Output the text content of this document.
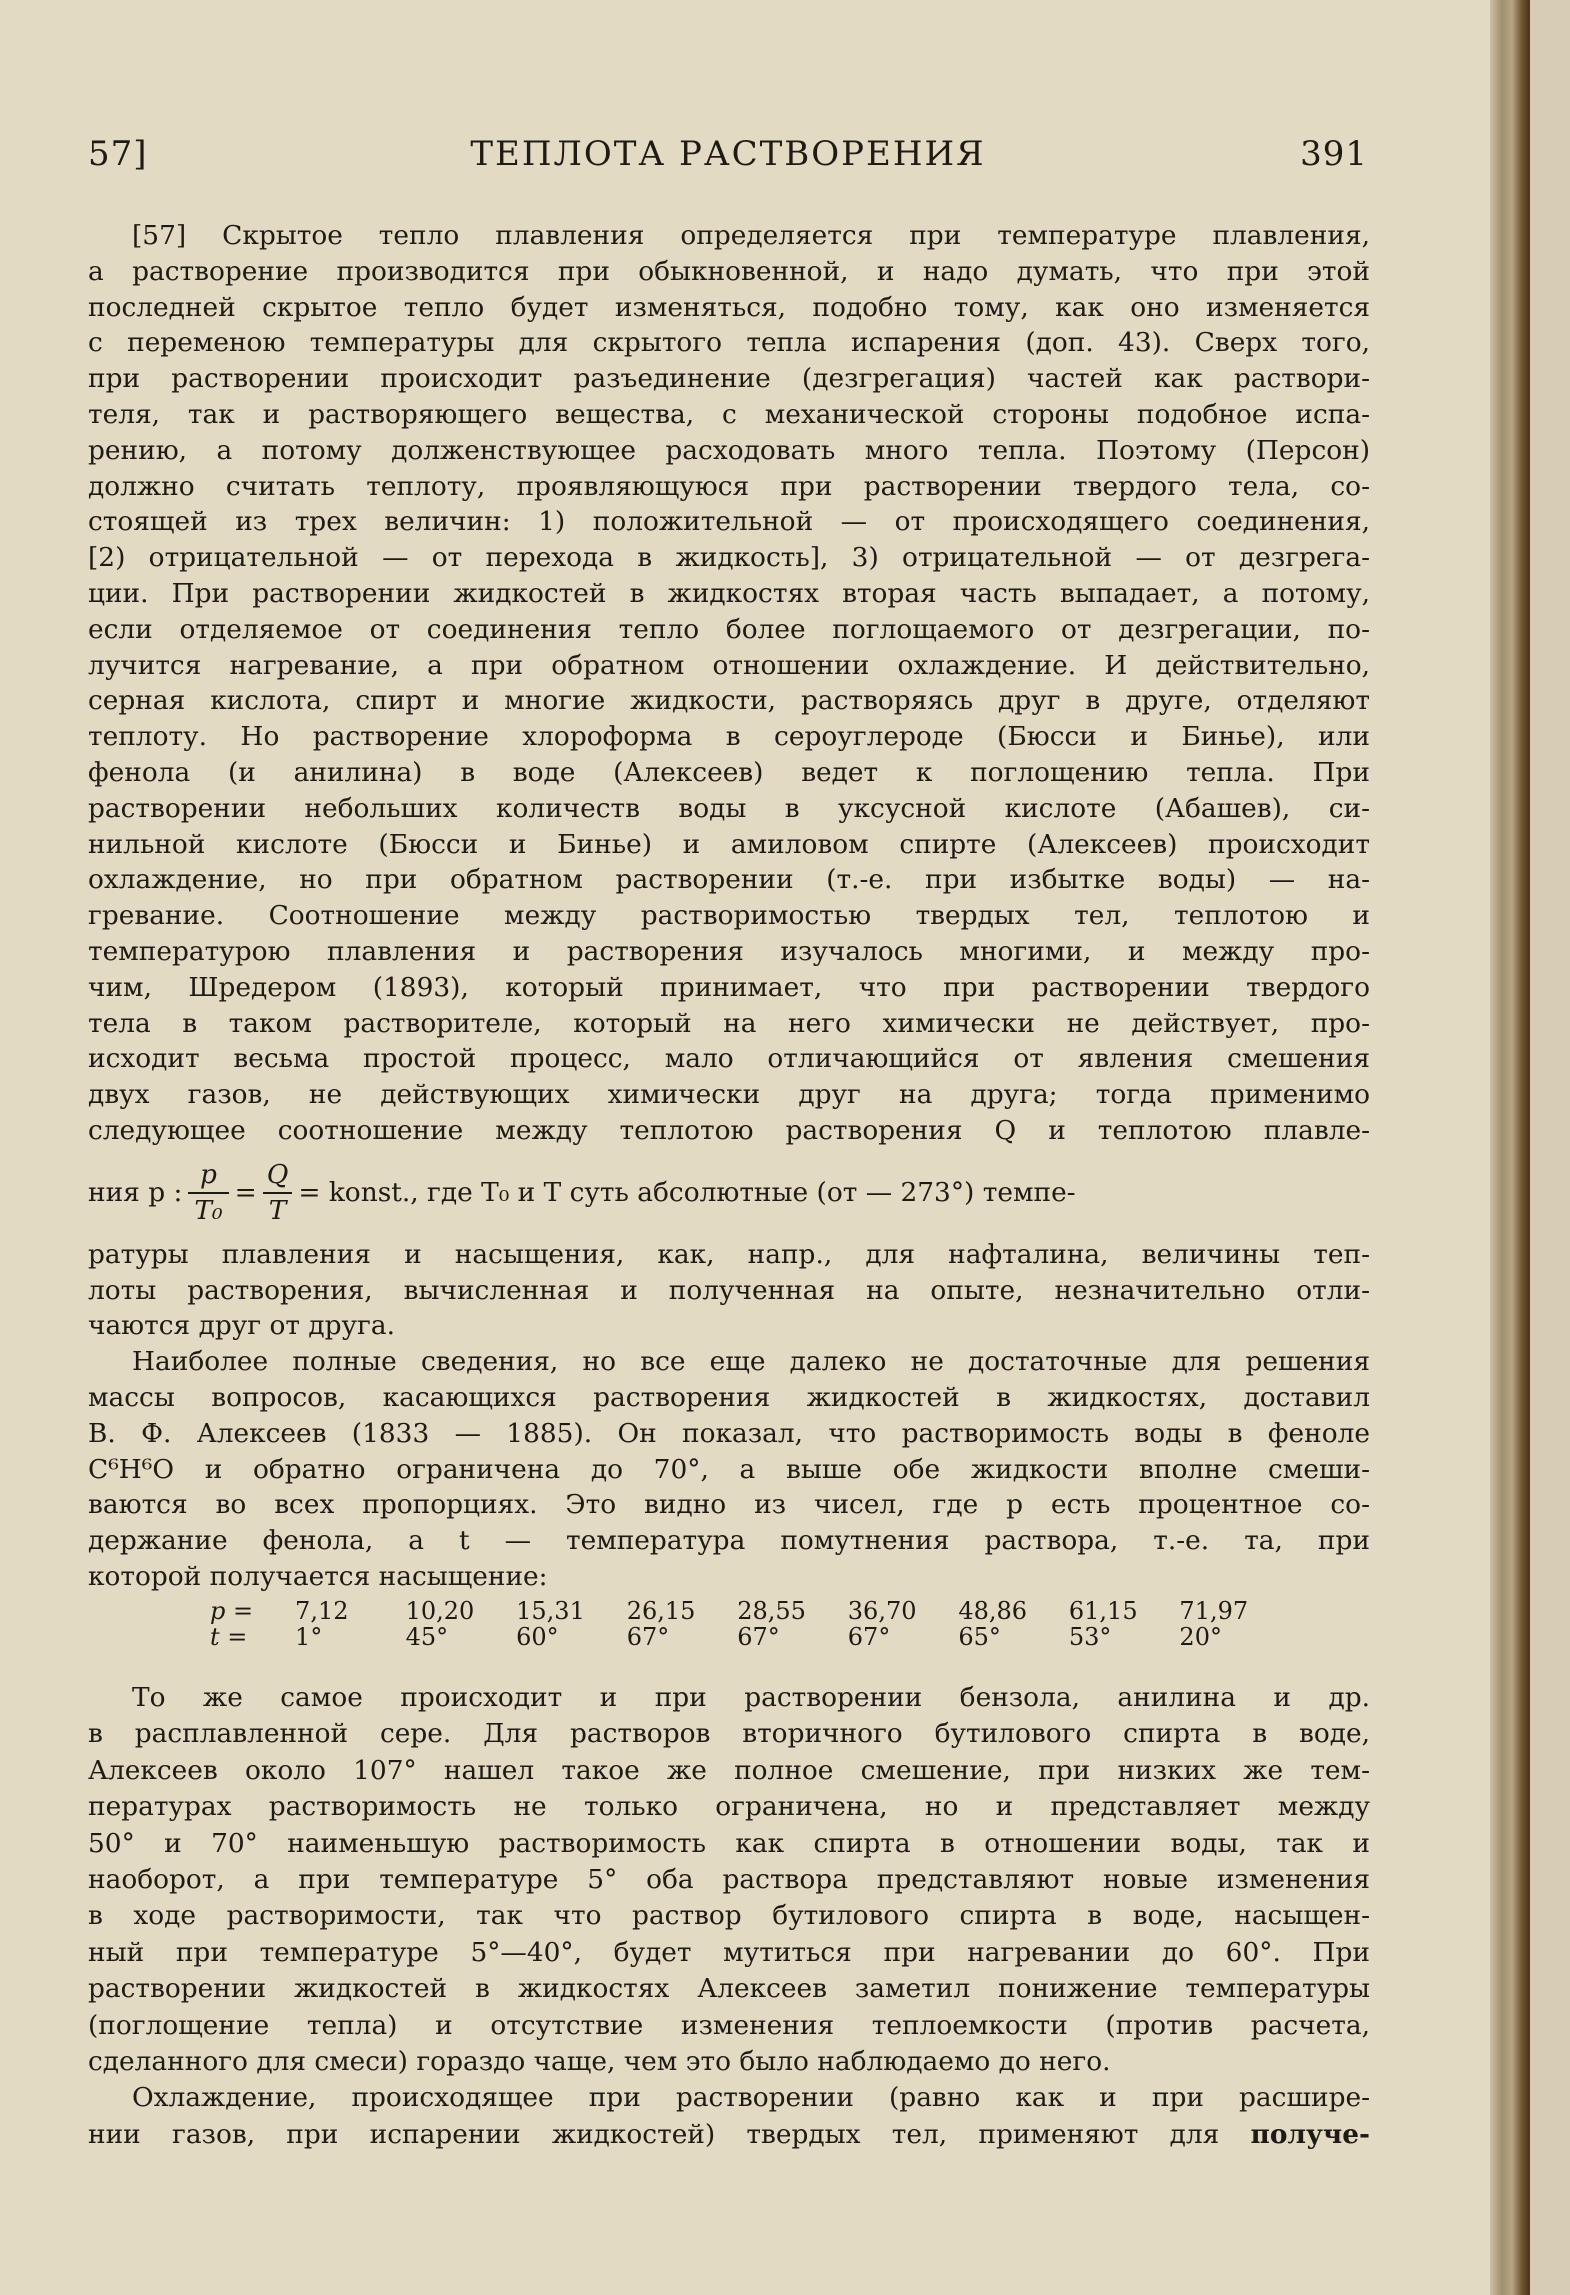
57]	ТЕПЛОТА РАСТВОРЕНИЯ	391
[57] Скрытое тепло плавления определяется при температуре плавления,
а растворение производится при обыкновенной, и надо думать, что при этой
последней скрытое тепло будет изменяться, подобно тому, как оно изменяется
с переменою температуры для скрытого тепла испарения (доп. 43). Сверх того,
при растворении происходит разъединение (дезгрегация) частей как раствори-
теля, так и растворяющего вещества, с механической стороны подобное испа-
рению, а потому долженствующее расходовать много тепла. Поэтому (Персон)
должно считать теплоту, проявляющуюся при растворении твердого тела, со-
стоящей из трех величин: 1) положительной — от происходящего соединения,
[2) отрицательной — от перехода в жидкость], 3) отрицательной — от дезгрега-
ции. При растворении жидкостей в жидкостях вторая часть выпадает, а потому,
если отделяемое от соединения тепло более поглощаемого от дезгрегации, по-
лучится нагревание, а при обратном отношении охлаждение. И действительно,
серная кислота, спирт и многие жидкости, растворяясь друг в друге, отделяют
теплоту. Но растворение хлороформа в сероуглероде (Бюсси и Бинье), или
фенола (и анилина) в воде (Алексеев) ведет к поглощению тепла. При
растворении небольших количеств воды в уксусной кислоте (Абашев), си-
нильной кислоте (Бюсси и Бинье) и амиловом спирте (Алексеев) происходит
охлаждение, но при обратном растворении (т.-е. при избытке воды) — на-
гревание. Соотношение между растворимостью твердых тел, теплотою и
температурою плавления и растворения изучалось многими, и между про-
чим, Шредером (1893), который принимает, что при растворении твердого
тела в таком растворителе, который на него химически не действует, про-
исходит весьма простой процесс, мало отличающийся от явления смешения
двух газов, не действующих химически друг на друга; тогда применимо
следующее соотношение между теплотою растворения Q и теплотою плавле-
ния p : $\frac{p}{\text{T₀}} = \frac{Q}{T}$ = konst., где T₀ и T суть абсолютные (от — 273°) темпе-
ратуры плавления и насыщения, как, напр., для нафталина, величины теп-
лоты растворения, вычисленная и полученная на опыте, незначительно отли-
чаются друг от друга.
Наиболее полные сведения, но все еще далеко не достаточные для решения
массы вопросов, касающихся растворения жидкостей в жидкостях, доставил
В. Ф. Алексеев (1833 — 1885). Он показал, что растворимость воды в феноле
C⁶H⁶O и обратно ограничена до 70°, а выше обе жидкости вполне смеши-
ваются во всех пропорциях. Это видно из чисел, где p есть процентное со-
держание фенола, а t — температура помутнения раствора, т.-е. та, при
которой получается насыщение:
p =	7,12	10,20	15,31	26,15	28,55	36,70	48,86	61,15	71,97
t =	1°	45°	60°	67°	67°	67°	65°	53°	20°
То же самое происходит и при растворении бензола, анилина и др.
в расплавленной сере. Для растворов вторичного бутилового спирта в воде,
Алексеев около 107° нашел такое же полное смешение, при низких же тем-
пературах растворимость не только ограничена, но и представляет между
50° и 70° наименьшую растворимость как спирта в отношении воды, так и
наоборот, а при температуре 5° оба раствора представляют новые изменения
в ходе растворимости, так что раствор бутилового спирта в воде, насыщен-
ный при температуре 5°—40°, будет мутиться при нагревании до 60°. При
растворении жидкостей в жидкостях Алексеев заметил понижение температуры
(поглощение тепла) и отсутствие изменения теплоемкости (против расчета,
сделанного для смеси) гораздо чаще, чем это было наблюдаемо до него.
Охлаждение, происходящее при растворении (равно как и при расшире-
нии газов, при испарении жидкостей) твердых тел, применяют для получе-
